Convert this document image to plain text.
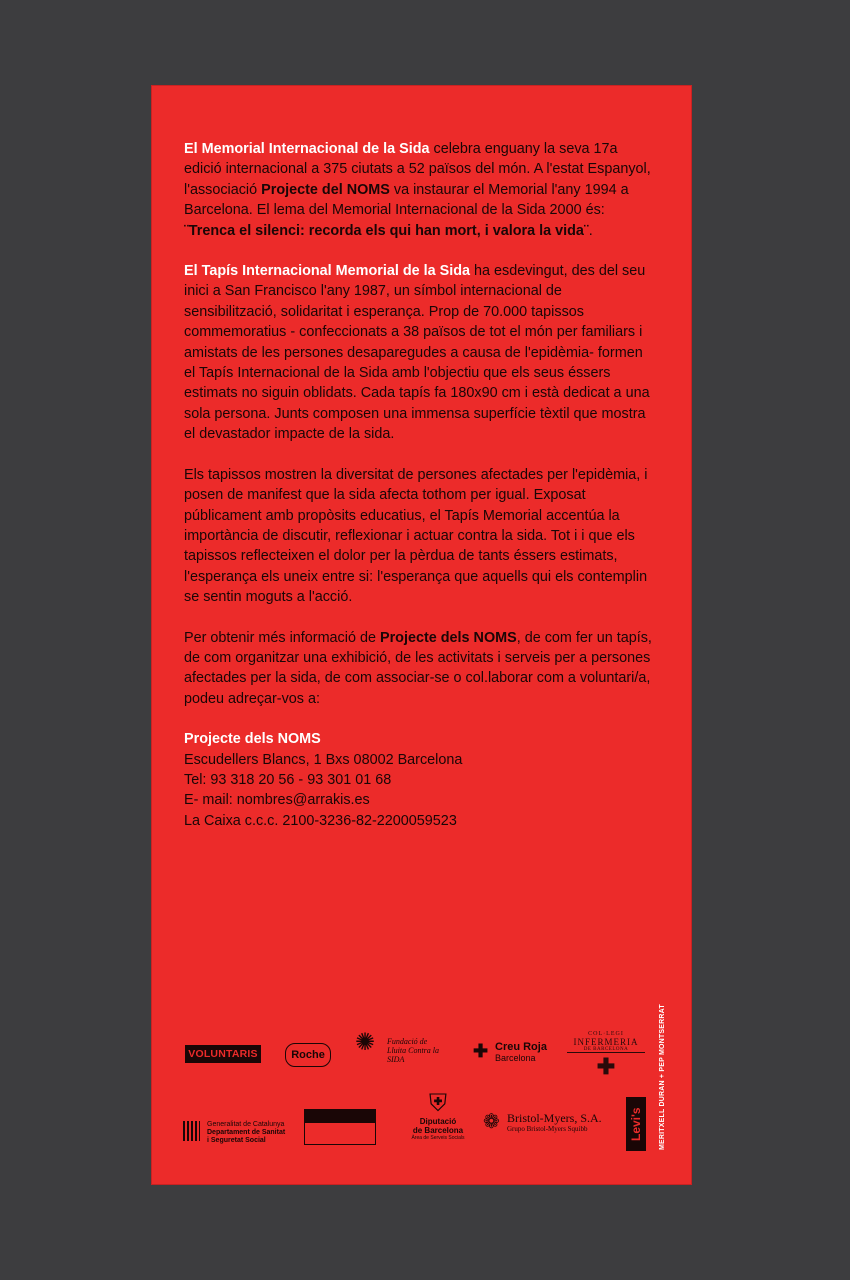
El Memorial Internacional de la Sida celebra enguany la seva 17a edició internacional a 375 ciutats a 52 països del món. A l'estat Espanyol, l'associació Projecte del NOMS va instaurar el Memorial l'any 1994 a Barcelona. El lema del Memorial Internacional de la Sida 2000 és: ¨Trenca el silenci: recorda els qui han mort, i valora la vida¨.

El Tapís Internacional Memorial de la Sida ha esdevingut, des del seu inici a San Francisco l'any 1987, un símbol internacional de sensibilització, solidaritat i esperança. Prop de 70.000 tapissos commemoratius - confeccionats a 38 països de tot el món per familiars i amistats de les persones desaparegudes a causa de l'epidèmia- formen el Tapís Internacional de la Sida amb l'objectiu que els seus éssers estimats no siguin oblidats. Cada tapís fa 180x90 cm i està dedicat a una sola persona. Junts composen una immensa superfície tèxtil que mostra el devastador impacte de la sida.

Els tapissos mostren la diversitat de persones afectades per l'epidèmia, i posen de manifest que la sida afecta tothom per igual. Exposat públicament amb propòsits educatius, el Tapís Memorial accentúa la importància de discutir, reflexionar i actuar contra la sida. Tot i i que els tapissos reflecteixen el dolor per la pèrdua de tants éssers estimats, l'esperança els uneix entre si: l'esperança que aquells qui els contemplin se sentin moguts a l'acció.

Per obtenir més informació de Projecte dels NOMS, de com fer un tapís, de com organitzar una exhibició, de les activitats i serveis per a persones afectades per la sida, de com associar-se o col.laborar com a voluntari/a, podeu adreçar-vos a:

Projecte dels NOMS
Escudellers Blancs, 1 Bxs 08002 Barcelona
Tel: 93 318 20 56 - 93 301 01 68
E- mail: nombres@arrakis.es
La Caixa c.c.c. 2100-3236-82-2200059523
VOLUNTARIS	Roche ✺ Fundació de
Lluita Contra la
SIDA	✚ Creu Roja
Barcelona
COL·LEGI
INFERMERIA
DE BARCELONA
✚
Generalitat de Catalunya
Departament de Sanitat
i Seguretat Social
⛨
Diputació
de Barcelona
Àrea de Serveis Socials
❁ Bristol-Myers, S.A.
Grupo Bristol-Myers Squibb	Levi's	MERITXELL DURAN + PEP MONTSERRAT
